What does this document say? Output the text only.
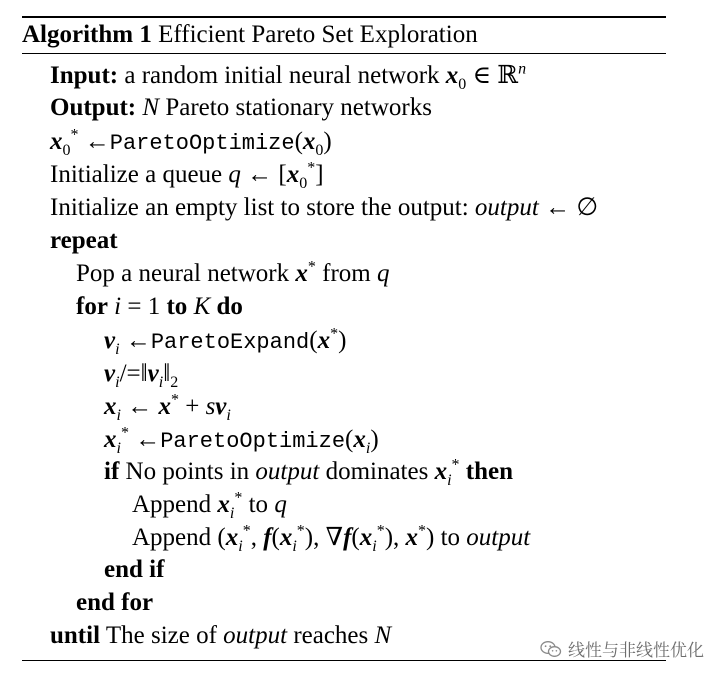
Algorithm 1 Efficient Pareto Set Exploration
Input: a random initial neural network $x_0$ ∈ ℝ$^n$
Output: N Pareto stationary networks
$x_0^*$ $\leftarrow ParetoOptimize(x_0)$
Initialize a queue q ← $[x_0^*]$
Initialize an empty list to store the output: output ← ∅
repeat
Pop a neural network x* from q
for i = 1 to K do
$v_i$ ←ParetoExpand(x*)
$v_i/=‖v_i‖_2$
$x_i$ ← $x^* + sv_i$
$x_i^*$ $\leftarrow ParetoOptimize(x_i)$
if No points in output dominates $x_i^*$ then
Append $x_i^*$ to q
Append ($x_i^*$, $f(x_i^*)$, $\nabla f(x_i^*)$, x*) to output
end if
end for
until The size of output reaches N
线性与非线性优化
